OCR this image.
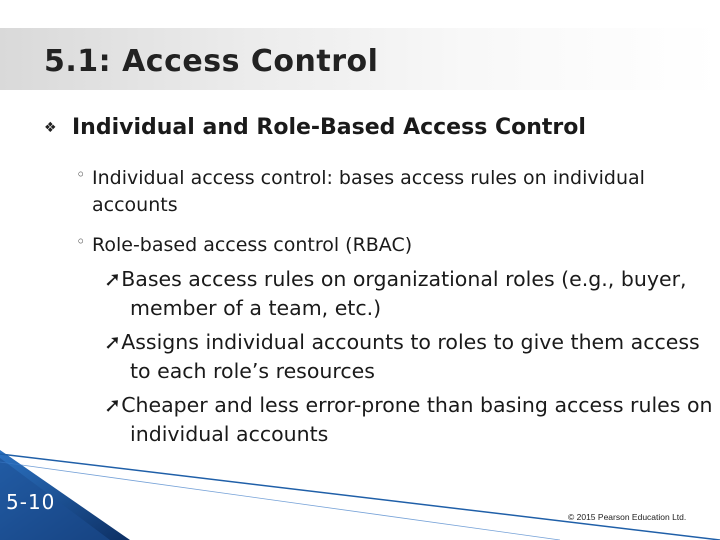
5.1: Access Control
❖ Individual and Role-Based Access Control
◦ Individual access control: bases access rules on individual accounts
◦ Role-based access control (RBAC)
➚Bases access rules on organizational roles (e.g., buyer, member of a team, etc.)
➚Assigns individual accounts to roles to give them access to each role’s resources
➚Cheaper and less error-prone than basing access rules on individual accounts

5-10

© 2015 Pearson Education Ltd.
